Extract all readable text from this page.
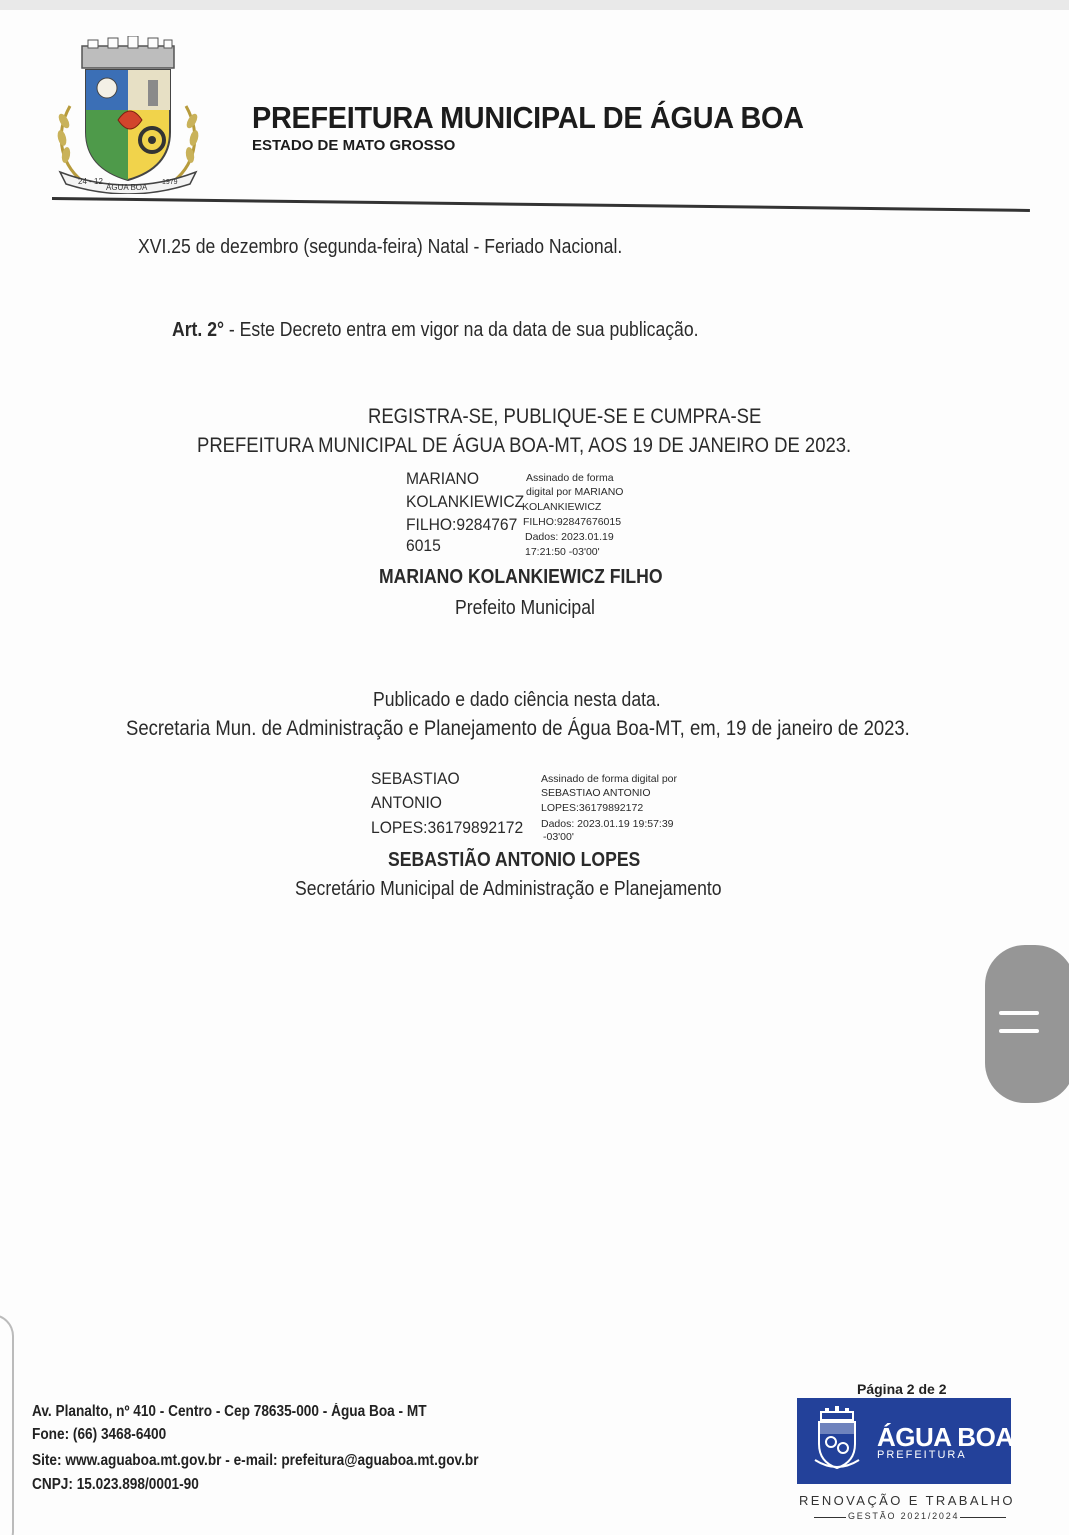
24 - 12
ÁGUA BOA
1979
PREFEITURA MUNICIPAL DE ÁGUA BOA
ESTADO DE MATO GROSSO
XVI.25 de dezembro (segunda-feira) Natal - Feriado Nacional.
Art. 2° - Este Decreto entra em vigor na da data de sua publicação.
REGISTRA-SE, PUBLIQUE-SE E CUMPRA-SE
PREFEITURA MUNICIPAL DE ÁGUA BOA-MT, AOS 19 DE JANEIRO DE 2023.
MARIANO
KOLANKIEWICZ
FILHO:9284767
6015
Assinado de forma
digital por MARIANO
KOLANKIEWICZ
FILHO:92847676015
Dados: 2023.01.19
17:21:50 -03'00'
MARIANO KOLANKIEWICZ FILHO
Prefeito Municipal
Publicado e dado ciência nesta data.
Secretaria Mun. de Administração e Planejamento de Água Boa-MT, em, 19 de janeiro de 2023.
SEBASTIAO
ANTONIO
LOPES:36179892172
Assinado de forma digital por
SEBASTIAO ANTONIO
LOPES:36179892172
Dados: 2023.01.19 19:57:39
-03'00'
SEBASTIÃO ANTONIO LOPES
Secretário Municipal de Administração e Planejamento
Av. Planalto, nº 410 - Centro - Cep 78635-000 - Água Boa - MT
Fone: (66) 3468-6400
Site: www.aguaboa.mt.gov.br - e-mail: prefeitura@aguaboa.mt.gov.br
CNPJ: 15.023.898/0001-90
Página 2 de 2
ÁGUA BOA
PREFEITURA
RENOVAÇÃO E TRABALHO
GESTÃO 2021/2024
